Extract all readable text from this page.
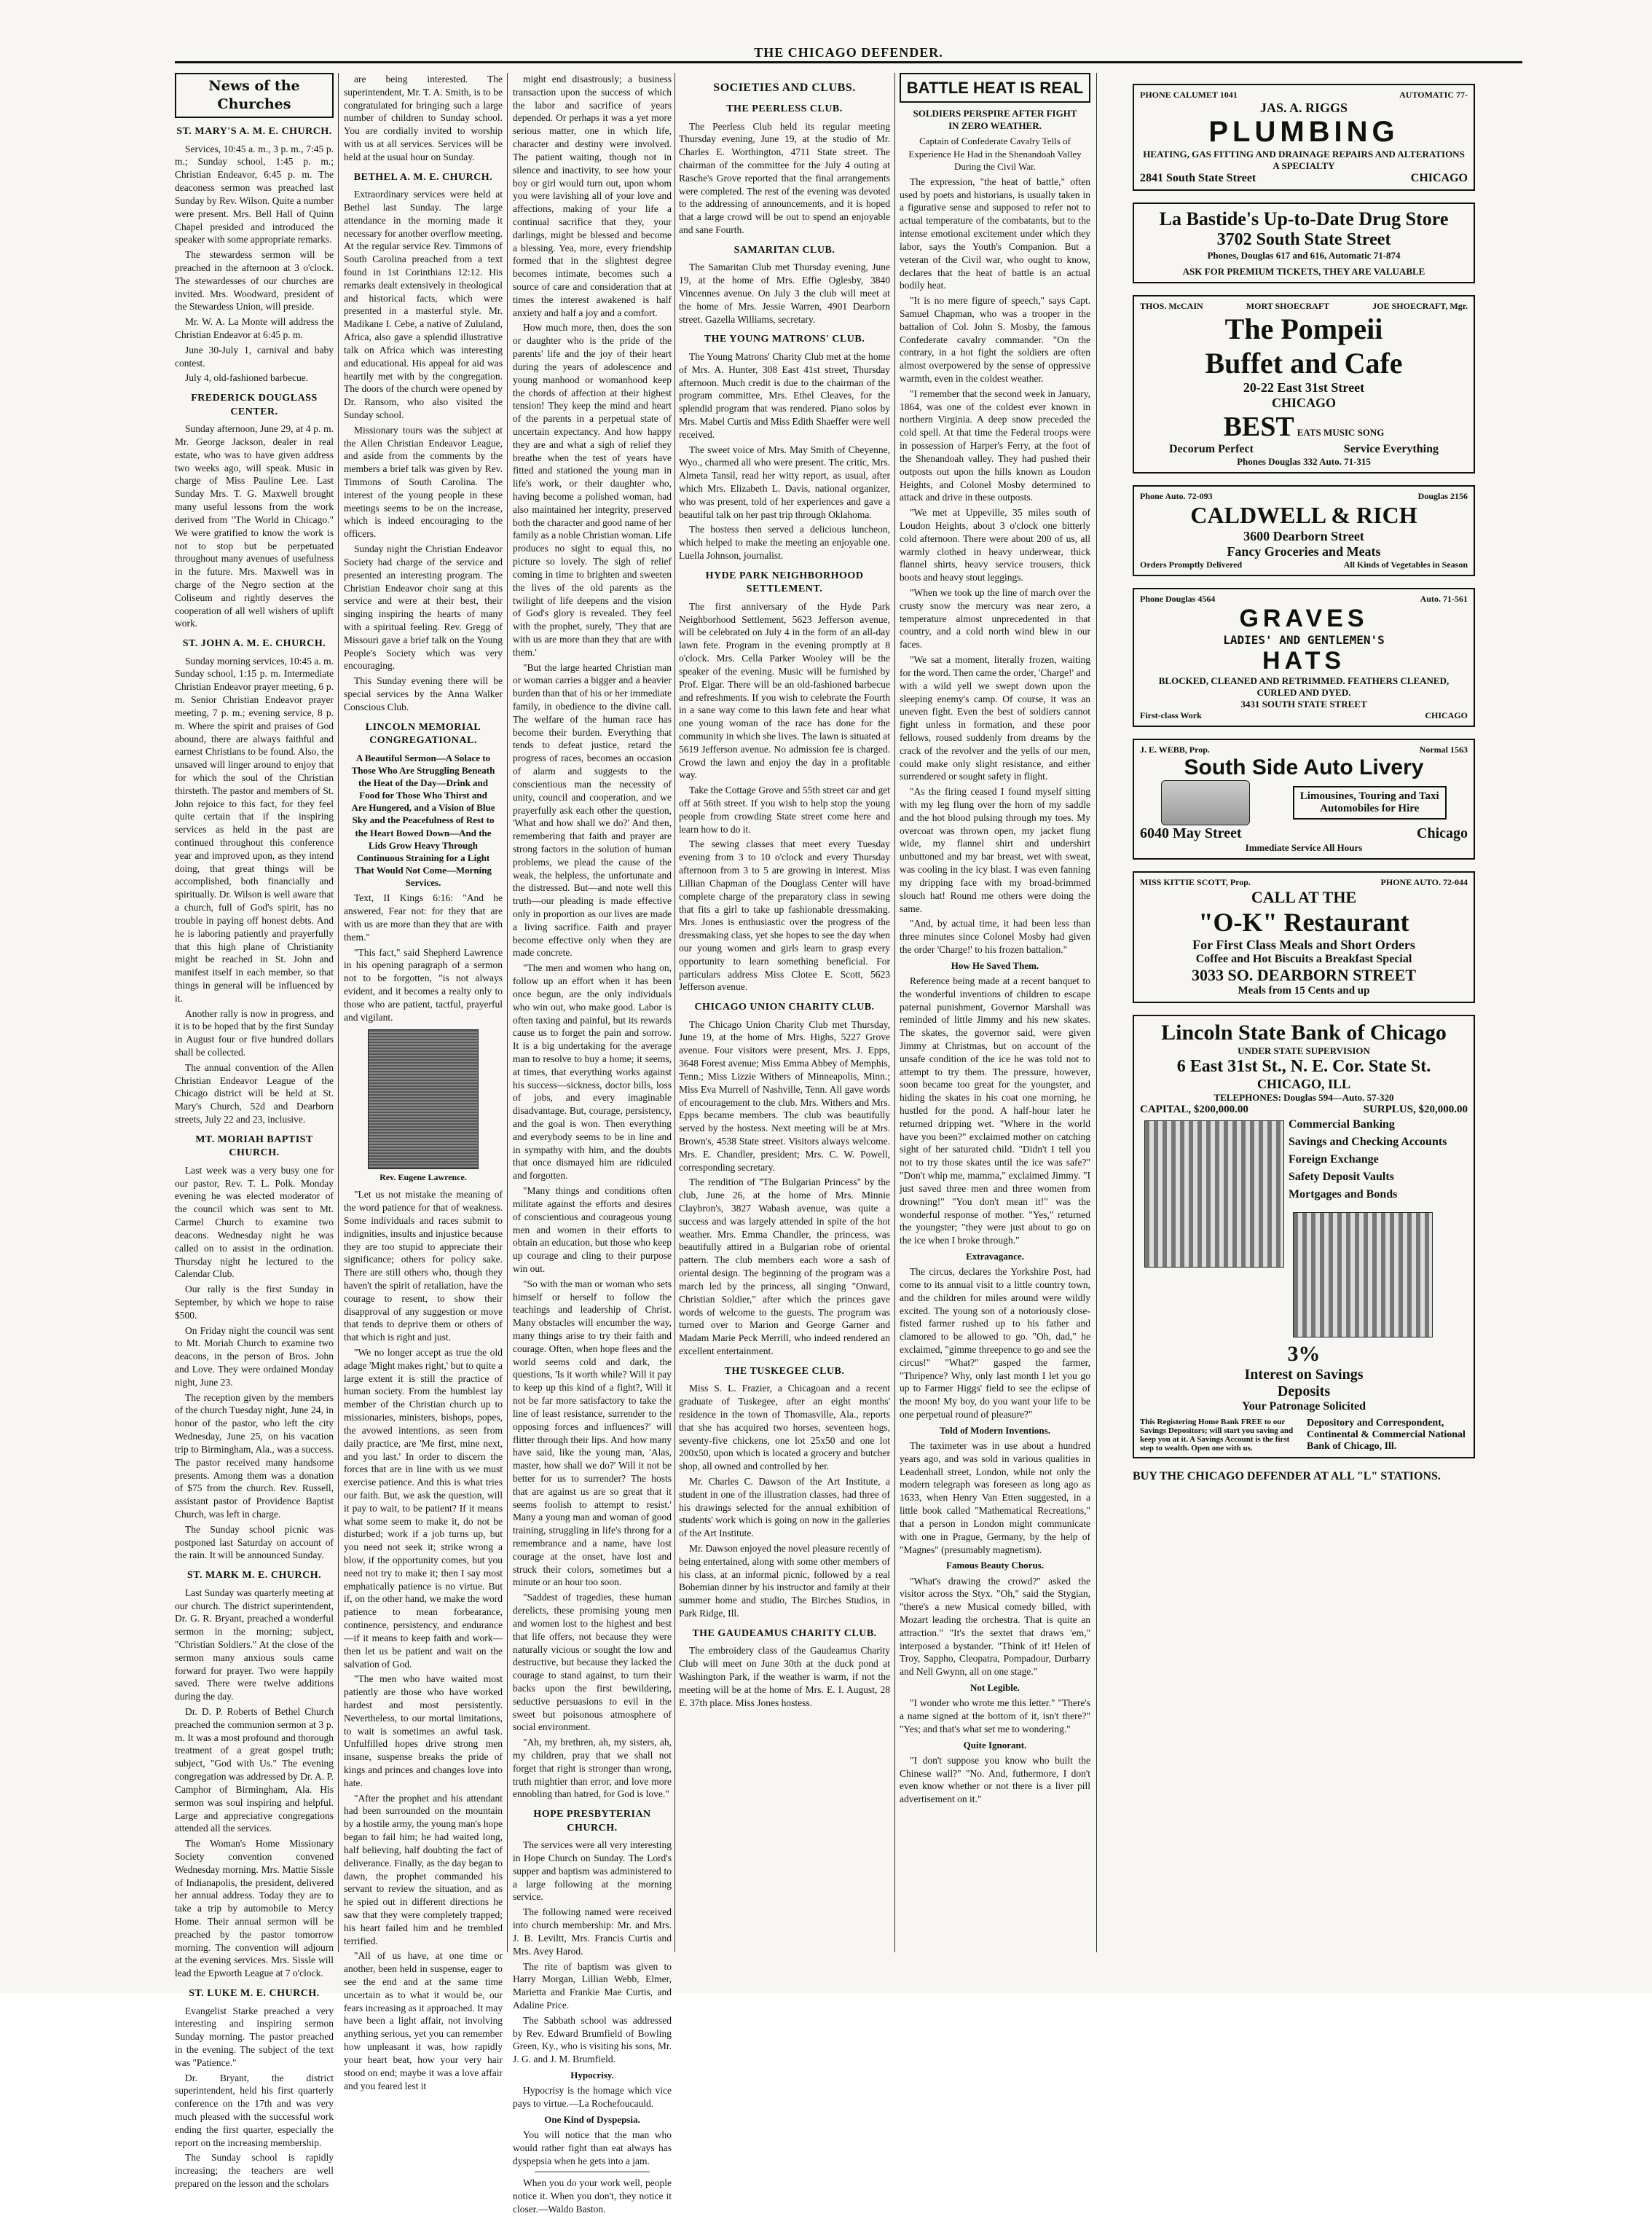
THE CHICAGO DEFENDER.
News of the Churches
ST. MARY'S A. M. E. CHURCH.

Services, 10:45 a. m., 3 p. m., 7:45 p. m.; Sunday school, 1:45 p. m.; Christian Endeavor, 6:45 p. m. The deaconess sermon was preached last Sunday by Rev. Wilson. Quite a number were present. Mrs. Bell Hall of Quinn Chapel presided and introduced the speaker with some appropriate remarks.

The stewardess sermon will be preached in the afternoon at 3 o'clock. The stewardesses of our churches are invited. Mrs. Woodward, president of the Stewardess Union, will preside.

Mr. W. A. La Monte will address the Christian Endeavor at 6:45 p. m.

June 30-July 1, carnival and baby contest.

July 4, old-fashioned barbecue.

FREDERICK DOUGLASS CENTER.

Sunday afternoon, June 29, at 4 p. m. Mr. George Jackson, dealer in real estate, who was to have given address two weeks ago, will speak. Music in charge of Miss Pauline Lee. Last Sunday Mrs. T. G. Maxwell brought many useful lessons from the work derived from "The World in Chicago." We were gratified to know the work is not to stop but be perpetuated throughout many avenues of usefulness in the future. Mrs. Maxwell was in charge of the Negro section at the Coliseum and rightly deserves the cooperation of all well wishers of uplift work.

ST. JOHN A. M. E. CHURCH.

Sunday morning services, 10:45 a. m. Sunday school, 1:15 p. m. Intermediate Christian Endeavor prayer meeting, 6 p. m. Senior Christian Endeavor prayer meeting, 7 p. m.; evening service, 8 p. m. Where the spirit and praises of God abound, there are always faithful and earnest Christians to be found. Also, the unsaved will linger around to enjoy that for which the soul of the Christian thirsteth. The pastor and members of St. John rejoice to this fact, for they feel quite certain that if the inspiring services as held in the past are continued throughout this conference year and improved upon, as they intend doing, that great things will be accomplished, both financially and spiritually. Dr. Wilson is well aware that a church, full of God's spirit, has no trouble in paying off honest debts. And he is laboring patiently and prayerfully that this high plane of Christianity might be reached in St. John and manifest itself in each member, so that things in general will be influenced by it.

Another rally is now in progress, and it is to be hoped that by the first Sunday in August four or five hundred dollars shall be collected.

The annual convention of the Allen Christian Endeavor League of the Chicago district will be held at St. Mary's Church, 52d and Dearborn streets, July 22 and 23, inclusive.

MT. MORIAH BAPTIST CHURCH.

Last week was a very busy one for our pastor, Rev. T. L. Polk. Monday evening he was elected moderator of the council which was sent to Mt. Carmel Church to examine two deacons. Wednesday night he was called on to assist in the ordination. Thursday night he lectured to the Calendar Club.

Our rally is the first Sunday in September, by which we hope to raise $500.

On Friday night the council was sent to Mt. Moriah Church to examine two deacons, in the person of Bros. John and Love. They were ordained Monday night, June 23.

The reception given by the members of the church Tuesday night, June 24, in honor of the pastor, who left the city Wednesday, June 25, on his vacation trip to Birmingham, Ala., was a success. The pastor received many handsome presents. Among them was a donation of $75 from the church. Rev. Russell, assistant pastor of Providence Baptist Church, was left in charge.

The Sunday school picnic was postponed last Saturday on account of the rain. It will be announced Sunday.

ST. MARK M. E. CHURCH.

Last Sunday was quarterly meeting at our church. The district superintendent, Dr. G. R. Bryant, preached a wonderful sermon in the morning; subject, "Christian Soldiers." At the close of the sermon many anxious souls came forward for prayer. Two were happily saved. There were twelve additions during the day.

Dr. D. P. Roberts of Bethel Church preached the communion sermon at 3 p. m. It was a most profound and thorough treatment of a great gospel truth; subject, "God with Us." The evening congregation was addressed by Dr. A. P. Camphor of Birmingham, Ala. His sermon was soul inspiring and helpful. Large and appreciative congregations attended all the services.

The Woman's Home Missionary Society convention convened Wednesday morning. Mrs. Mattie Sissle of Indianapolis, the president, delivered her annual address. Today they are to take a trip by automobile to Mercy Home. Their annual sermon will be preached by the pastor tomorrow morning. The convention will adjourn at the evening services. Mrs. Sissle will lead the Epworth League at 7 o'clock.

ST. LUKE M. E. CHURCH.

Evangelist Starke preached a very interesting and inspiring sermon Sunday morning. The pastor preached in the evening. The subject of the text was "Patience."

Dr. Bryant, the district superintendent, held his first quarterly conference on the 17th and was very much pleased with the successful work ending the first quarter, especially the report on the increasing membership.

The Sunday school is rapidly increasing; the teachers are well prepared on the lesson and the scholars

are being interested. The superintendent, Mr. T. A. Smith, is to be congratulated for bringing such a large number of children to Sunday school. You are cordially invited to worship with us at all services. Services will be held at the usual hour on Sunday.

BETHEL A. M. E. CHURCH.

Extraordinary services were held at Bethel last Sunday. The large attendance in the morning made it necessary for another overflow meeting. At the regular service Rev. Timmons of South Carolina preached from a text found in 1st Corinthians 12:12. His remarks dealt extensively in theological and historical facts, which were presented in a masterful style. Mr. Madikane I. Cebe, a native of Zululand, Africa, also gave a splendid illustrative talk on Africa which was interesting and educational. His appeal for aid was heartily met with by the congregation. The doors of the church were opened by Dr. Ransom, who also visited the Sunday school.

Missionary tours was the subject at the Allen Christian Endeavor League, and aside from the comments by the members a brief talk was given by Rev. Timmons of South Carolina. The interest of the young people in these meetings seems to be on the increase, which is indeed encouraging to the officers.

Sunday night the Christian Endeavor Society had charge of the service and presented an interesting program. The Christian Endeavor choir sang at this service and were at their best, their singing inspiring the hearts of many with a spiritual feeling. Rev. Gregg of Missouri gave a brief talk on the Young People's Society which was very encouraging.

This Sunday evening there will be special services by the Anna Walker Conscious Club.

LINCOLN MEMORIAL CONGREGATIONAL.
A Beautiful Sermon—A Solace to Those Who Are Struggling Beneath the Heat of the Day—Drink and Food for Those Who Thirst and Are Hungered, and a Vision of Blue Sky and the Peacefulness of Rest to the Heart Bowed Down—And the Lids Grow Heavy Through Continuous Straining for a Light That Would Not Come—Morning Services.

Text, II Kings 6:16: "And he answered, Fear not: for they that are with us are more than they that are with them."

"This fact," said Shepherd Lawrence in his opening paragraph of a sermon not to be forgotten, "is not always evident, and it becomes a realty only to those who are patient, tactful, prayerful and vigilant.

Rev. Eugene Lawrence.

"Let us not mistake the meaning of the word patience for that of weakness. Some individuals and races submit to indignities, insults and injustice because they are too stupid to appreciate their significance; others for policy sake. There are still others who, though they haven't the spirit of retaliation, have the courage to resent, to show their disapproval of any suggestion or move that tends to deprive them or others of that which is right and just.

"We no longer accept as true the old adage 'Might makes right,' but to quite a large extent it is still the practice of human society. From the humblest lay member of the Christian church up to missionaries, ministers, bishops, popes, the avowed intentions, as seen from daily practice, are 'Me first, mine next, and you last.' In order to discern the forces that are in line with us we must exercise patience. And this is what tries our faith. But, we ask the question, will it pay to wait, to be patient? If it means what some seem to make it, do not be disturbed; work if a job turns up, but you need not seek it; strike wrong a blow, if the opportunity comes, but you need not try to make it; then I say most emphatically patience is no virtue. But if, on the other hand, we make the word patience to mean forbearance, continence, persistency, and endurance—if it means to keep faith and work—then let us be patient and wait on the salvation of God.

"The men who have waited most patiently are those who have worked hardest and most persistently. Nevertheless, to our mortal limitations, to wait is sometimes an awful task. Unfulfilled hopes drive strong men insane, suspense breaks the pride of kings and princes and changes love into hate.

"After the prophet and his attendant had been surrounded on the mountain by a hostile army, the young man's hope began to fail him; he had waited long, half believing, half doubting the fact of deliverance. Finally, as the day began to dawn, the prophet commanded his servant to review the situation, and as he spied out in different directions he saw that they were completely trapped; his heart failed him and he trembled terrified.

"All of us have, at one time or another, been held in suspense, eager to see the end and at the same time uncertain as to what it would be, our fears increasing as it approached. It may have been a light affair, not involving anything serious, yet you can remember how unpleasant it was, how rapidly your heart beat, how your very hair stood on end; maybe it was a love affair and you feared lest it

might end disastrously; a business transaction upon the success of which the labor and sacrifice of years depended. Or perhaps it was a yet more serious matter, one in which life, character and destiny were involved. The patient waiting, though not in silence and inactivity, to see how your boy or girl would turn out, upon whom you were lavishing all of your love and affections, making of your life a continual sacrifice that they, your darlings, might be blessed and become a blessing. Yea, more, every friendship formed that in the slightest degree becomes intimate, becomes such a source of care and consideration that at times the interest awakened is half anxiety and half a joy and a comfort.

How much more, then, does the son or daughter who is the pride of the parents' life and the joy of their heart during the years of adolescence and young manhood or womanhood keep the chords of affection at their highest tension! They keep the mind and heart of the parents in a perpetual state of uncertain expectancy. And how happy they are and what a sigh of relief they breathe when the test of years have fitted and stationed the young man in life's work, or their daughter who, having become a polished woman, had also maintained her integrity, preserved both the character and good name of her family as a noble Christian woman. Life produces no sight to equal this, no picture so lovely. The sigh of relief coming in time to brighten and sweeten the lives of the old parents as the twilight of life deepens and the vision of God's glory is revealed. They feel with the prophet, surely, 'They that are with us are more than they that are with them.'

"But the large hearted Christian man or woman carries a bigger and a heavier burden than that of his or her immediate family, in obedience to the divine call. The welfare of the human race has become their burden. Everything that tends to defeat justice, retard the progress of races, becomes an occasion of alarm and suggests to the conscientious man the necessity of unity, council and cooperation, and we prayerfully ask each other the question, 'What and how shall we do?' And then, remembering that faith and prayer are strong factors in the solution of human problems, we plead the cause of the weak, the helpless, the unfortunate and the distressed. But—and note well this truth—our pleading is made effective only in proportion as our lives are made a living sacrifice. Faith and prayer become effective only when they are made concrete.

"The men and women who hang on, follow up an effort when it has been once begun, are the only individuals who win out, who make good. Labor is often taxing and painful, but its rewards cause us to forget the pain and sorrow. It is a big undertaking for the average man to resolve to buy a home; it seems, at times, that everything works against his success—sickness, doctor bills, loss of jobs, and every imaginable disadvantage. But, courage, persistency, and the goal is won. Then everything and everybody seems to be in line and in sympathy with him, and the doubts that once dismayed him are ridiculed and forgotten.

"Many things and conditions often militate against the efforts and desires of conscientious and courageous young men and women in their efforts to obtain an education, but those who keep up courage and cling to their purpose win out.

"So with the man or woman who sets himself or herself to follow the teachings and leadership of Christ. Many obstacles will encumber the way, many things arise to try their faith and courage. Often, when hope flees and the world seems cold and dark, the questions, 'Is it worth while? Will it pay to keep up this kind of a fight?, Will it not be far more satisfactory to take the line of least resistance, surrender to the opposing forces and influences?' will flitter through their lips. And how many have said, like the young man, 'Alas, master, how shall we do?' Will it not be better for us to surrender? The hosts that are against us are so great that it seems foolish to attempt to resist.' Many a young man and woman of good training, struggling in life's throng for a remembrance and a name, have lost courage at the onset, have lost and struck their colors, sometimes but a minute or an hour too soon.

"Saddest of tragedies, these human derelicts, these promising young men and women lost to the highest and best that life offers, not because they were naturally vicious or sought the low and destructive, but because they lacked the courage to stand against, to turn their backs upon the first bewildering, seductive persuasions to evil in the sweet but poisonous atmosphere of social environment.

"Ah, my brethren, ah, my sisters, ah, my children, pray that we shall not forget that right is stronger than wrong, truth mightier than error, and love more ennobling than hatred, for God is love."

HOPE PRESBYTERIAN CHURCH.

The services were all very interesting in Hope Church on Sunday. The Lord's supper and baptism was administered to a large following at the morning service.

The following named were received into church membership: Mr. and Mrs. J. B. Leviltt, Mrs. Francis Curtis and Mrs. Avey Harod.

The rite of baptism was given to Harry Morgan, Lillian Webb, Elmer, Marietta and Frankie Mae Curtis, and Adaline Price.

The Sabbath school was addressed by Rev. Edward Brumfield of Bowling Green, Ky., who is visiting his sons, Mr. J. G. and J. M. Brumfield.

Hypocrisy.

Hypocrisy is the homage which vice pays to virtue.—La Rochefoucauld.

One Kind of Dyspepsia.

You will notice that the man who would rather fight than eat always has dyspepsia when he gets into a jam.

When you do your work well, people notice it. When you don't, they notice it closer.—Waldo Baston.

SOCIETIES AND CLUBS.
THE PEERLESS CLUB.

The Peerless Club held its regular meeting Thursday evening, June 19, at the studio of Mr. Charles E. Worthington, 4711 State street. The chairman of the committee for the July 4 outing at Rasche's Grove reported that the final arrangements were completed. The rest of the evening was devoted to the addressing of announcements, and it is hoped that a large crowd will be out to spend an enjoyable and sane Fourth.

SAMARITAN CLUB.

The Samaritan Club met Thursday evening, June 19, at the home of Mrs. Effie Oglesby, 3840 Vincennes avenue. On July 3 the club will meet at the home of Mrs. Jessie Warren, 4901 Dearborn street. Gazella Williams, secretary.

THE YOUNG MATRONS' CLUB.

The Young Matrons' Charity Club met at the home of Mrs. A. Hunter, 308 East 41st street, Thursday afternoon. Much credit is due to the chairman of the program committee, Mrs. Ethel Cleaves, for the splendid program that was rendered. Piano solos by Mrs. Mabel Curtis and Miss Edith Shaeffer were well received.

The sweet voice of Mrs. May Smith of Cheyenne, Wyo., charmed all who were present. The critic, Mrs. Almeta Tansil, read her witty report, as usual, after which Mrs. Elizabeth L. Davis, national organizer, who was present, told of her experiences and gave a beautiful talk on her past trip through Oklahoma.

The hostess then served a delicious luncheon, which helped to make the meeting an enjoyable one. Luella Johnson, journalist.

HYDE PARK NEIGHBORHOOD SETTLEMENT.

The first anniversary of the Hyde Park Neighborhood Settlement, 5623 Jefferson avenue, will be celebrated on July 4 in the form of an all-day lawn fete. Program in the evening promptly at 8 o'clock. Mrs. Cella Parker Wooley will be the speaker of the evening. Music will be furnished by Prof. Elgar. There will be an old-fashioned barbecue and refreshments. If you wish to celebrate the Fourth in a sane way come to this lawn fete and hear what one young woman of the race has done for the community in which she lives. The lawn is situated at 5619 Jefferson avenue. No admission fee is charged. Crowd the lawn and enjoy the day in a profitable way.

Take the Cottage Grove and 55th street car and get off at 56th street. If you wish to help stop the young people from crowding State street come here and learn how to do it.

The sewing classes that meet every Tuesday evening from 3 to 10 o'clock and every Thursday afternoon from 3 to 5 are growing in interest. Miss Lillian Chapman of the Douglass Center will have complete charge of the preparatory class in sewing that fits a girl to take up fashionable dressmaking. Mrs. Jones is enthusiastic over the progress of the dressmaking class, yet she hopes to see the day when our young women and girls learn to grasp every opportunity to learn something beneficial. For particulars address Miss Clotee E. Scott, 5623 Jefferson avenue.

CHICAGO UNION CHARITY CLUB.

The Chicago Union Charity Club met Thursday, June 19, at the home of Mrs. Highs, 5227 Grove avenue. Four visitors were present, Mrs. J. Epps, 3648 Forest avenue; Miss Emma Abbey of Memphis, Tenn.; Miss Lizzie Withers of Minneapolis, Minn.; Miss Eva Murrell of Nashville, Tenn. All gave words of encouragement to the club. Mrs. Withers and Mrs. Epps became members. The club was beautifully served by the hostess. Next meeting will be at Mrs. Brown's, 4538 State street. Visitors always welcome. Mrs. E. Chandler, president; Mrs. C. W. Powell, corresponding secretary.

The rendition of "The Bulgarian Princess" by the club, June 26, at the home of Mrs. Minnie Claybron's, 3827 Wabash avenue, was quite a success and was largely attended in spite of the hot weather. Mrs. Emma Chandler, the princess, was beautifully attired in a Bulgarian robe of oriental pattern. The club members each wore a sash of oriental design. The beginning of the program was a march led by the princess, all singing "Onward, Christian Soldier," after which the princes gave words of welcome to the guests. The program was turned over to Marion and George Garner and Madam Marie Peck Merrill, who indeed rendered an excellent entertainment.

THE TUSKEGEE CLUB.

Miss S. L. Frazier, a Chicagoan and a recent graduate of Tuskegee, after an eight months' residence in the town of Thomasville, Ala., reports that she has acquired two horses, seventeen hogs, seventy-five chickens, one lot 25x50 and one lot 200x50, upon which is located a grocery and butcher shop, all owned and controlled by her.

Mr. Charles C. Dawson of the Art Institute, a student in one of the illustration classes, had three of his drawings selected for the annual exhibition of students' work which is going on now in the galleries of the Art Institute.

Mr. Dawson enjoyed the novel pleasure recently of being entertained, along with some other members of his class, at an informal picnic, followed by a real Bohemian dinner by his instructor and family at their summer home and studio, The Birches Studios, in Park Ridge, Ill.

THE GAUDEAMUS CHARITY CLUB.

The embroidery class of the Gaudeamus Charity Club will meet on June 30th at the duck pond at Washington Park, if the weather is warm, if not the meeting will be at the home of Mrs. E. I. August, 28 E. 37th place. Miss Jones hostess.

BATTLE HEAT IS REAL
SOLDIERS PERSPIRE AFTER FIGHT IN ZERO WEATHER.
Captain of Confederate Cavalry Tells of Experience He Had in the Shenandoah Valley During the Civil War.

The expression, "the heat of battle," often used by poets and historians, is usually taken in a figurative sense and supposed to refer not to actual temperature of the combatants, but to the intense emotional excitement under which they labor, says the Youth's Companion. But a veteran of the Civil war, who ought to know, declares that the heat of battle is an actual bodily heat.

"It is no mere figure of speech," says Capt. Samuel Chapman, who was a trooper in the battalion of Col. John S. Mosby, the famous Confederate cavalry commander. "On the contrary, in a hot fight the soldiers are often almost overpowered by the sense of oppressive warmth, even in the coldest weather.

"I remember that the second week in January, 1864, was one of the coldest ever known in northern Virginia. A deep snow preceded the cold spell. At that time the Federal troops were in possession of Harper's Ferry, at the foot of the Shenandoah valley. They had pushed their outposts out upon the hills known as Loudon Heights, and Colonel Mosby determined to attack and drive in these outposts.

"We met at Uppeville, 35 miles south of Loudon Heights, about 3 o'clock one bitterly cold afternoon. There were about 200 of us, all warmly clothed in heavy underwear, thick flannel shirts, heavy service trousers, thick boots and heavy stout leggings.

"When we took up the line of march over the crusty snow the mercury was near zero, a temperature almost unprecedented in that country, and a cold north wind blew in our faces.

"We sat a moment, literally frozen, waiting for the word. Then came the order, 'Charge!' and with a wild yell we swept down upon the sleeping enemy's camp. Of course, it was an uneven fight. Even the best of soldiers cannot fight unless in formation, and these poor fellows, roused suddenly from dreams by the crack of the revolver and the yells of our men, could make only slight resistance, and either surrendered or sought safety in flight.

"As the firing ceased I found myself sitting with my leg flung over the horn of my saddle and the hot blood pulsing through my toes. My overcoat was thrown open, my jacket flung wide, my flannel shirt and undershirt unbuttoned and my bar breast, wet with sweat, was cooling in the icy blast. I was even fanning my dripping face with my broad-brimmed slouch hat! Round me others were doing the same.

"And, by actual time, it had been less than three minutes since Colonel Mosby had given the order 'Charge!' to his frozen battalion."

How He Saved Them.

Reference being made at a recent banquet to the wonderful inventions of children to escape paternal punishment, Governor Marshall was reminded of little Jimmy and his new skates. The skates, the governor said, were given Jimmy at Christmas, but on account of the unsafe condition of the ice he was told not to attempt to try them. The pressure, however, soon became too great for the youngster, and hiding the skates in his coat one morning, he hustled for the pond. A half-hour later he returned dripping wet. "Where in the world have you been?" exclaimed mother on catching sight of her saturated child. "Didn't I tell you not to try those skates until the ice was safe?" "Don't whip me, mamma," exclaimed Jimmy. "I just saved three men and three women from drowning!" "You don't mean it!" was the wonderful response of mother. "Yes," returned the youngster; "they were just about to go on the ice when I broke through."

Extravagance.

The circus, declares the Yorkshire Post, had come to its annual visit to a little country town, and the children for miles around were wildly excited. The young son of a notoriously close-fisted farmer rushed up to his father and clamored to be allowed to go. "Oh, dad," he exclaimed, "gimme threepence to go and see the circus!" "What?" gasped the farmer, "Thripence? Why, only last month I let you go up to Farmer Higgs' field to see the eclipse of the moon! My boy, do you want your life to be one perpetual round of pleasure?"

Told of Modern Inventions.

The taximeter was in use about a hundred years ago, and was sold in various qualities in Leadenhall street, London, while not only the modern telegraph was foreseen as long ago as 1633, when Henry Van Etten suggested, in a little book called "Mathematical Recreations," that a person in London might communicate with one in Prague, Germany, by the help of "Magnes" (presumably magnetism).

Famous Beauty Chorus.

"What's drawing the crowd?" asked the visitor across the Styx. "Oh," said the Stygian, "there's a new Musical comedy billed, with Mozart leading the orchestra. That is quite an attraction." "It's the sextet that draws 'em," interposed a bystander. "Think of it! Helen of Troy, Sappho, Cleopatra, Pompadour, Durbarry and Nell Gwynn, all on one stage."

Not Legible.

"I wonder who wrote me this letter." "There's a name signed at the bottom of it, isn't there?" "Yes; and that's what set me to wondering."

Quite Ignorant.

"I don't suppose you know who built the Chinese wall?" "No. And, futhermore, I don't even know whether or not there is a liver pill advertisement on it."

PHONE CALUMET 1041	AUTOMATIC 77-
JAS. A. RIGGS
PLUMBING
HEATING, GAS FITTING AND DRAINAGE REPAIRS AND ALTERATIONS A SPECIALTY
2841 South State Street	CHICAGO
La Bastide's Up-to-Date Drug Store
3702 South State Street
Phones, Douglas 617 and 616, Automatic 71-874
ASK FOR PREMIUM TICKETS, THEY ARE VALUABLE
THOS. McCAIN	MORT SHOECRAFT	JOE SHOECRAFT, Mgr.
The Pompeii
Buffet and Cafe
20-22 East 31st Street
CHICAGO
BEST EATS MUSIC SONG
Decorum Perfect	Service Everything
Phones Douglas 332 Auto. 71-315
Phone Auto. 72-093	Douglas 2156
CALDWELL & RICH
3600 Dearborn Street
Fancy Groceries and Meats
Orders Promptly Delivered	All Kinds of Vegetables in Season
Phone Douglas 4564	Auto. 71-561
GRAVES
LADIES' AND GENTLEMEN'S
HATS
BLOCKED, CLEANED AND RETRIMMED. FEATHERS CLEANED, CURLED AND DYED.
3431 SOUTH STATE STREET
First-class Work	CHICAGO
J. E. WEBB, Prop.	Normal 1563
South Side Auto Livery
Limousines, Touring and Taxi
Automobiles for Hire
6040 May Street	Chicago
Immediate Service All Hours
MISS KITTIE SCOTT, Prop.	PHONE AUTO. 72-044
CALL AT THE
"O-K" Restaurant
For First Class Meals and Short Orders
Coffee and Hot Biscuits a Breakfast Special
3033 SO. DEARBORN STREET
Meals from 15 Cents and up
Lincoln State Bank of Chicago
UNDER STATE SUPERVISION
6 East 31st St., N. E. Cor. State St.
CHICAGO, ILL
TELEPHONES: Douglas 594—Auto. 57-320
CAPITAL, $200,000.00	SURPLUS, $20,000.00
Commercial Banking
Savings and Checking Accounts
Foreign Exchange
Safety Deposit Vaults
Mortgages and Bonds
3%
Interest on Savings
Deposits
Your Patronage Solicited
This Registering Home Bank FREE to our Savings Depositors; will start you saving and keep you at it. A Savings Account is the first step to wealth. Open one with us.
Depository and Correspondent, Continental & Commercial National Bank of Chicago, Ill.
BUY THE CHICAGO DEFENDER AT ALL "L" STATIONS.
